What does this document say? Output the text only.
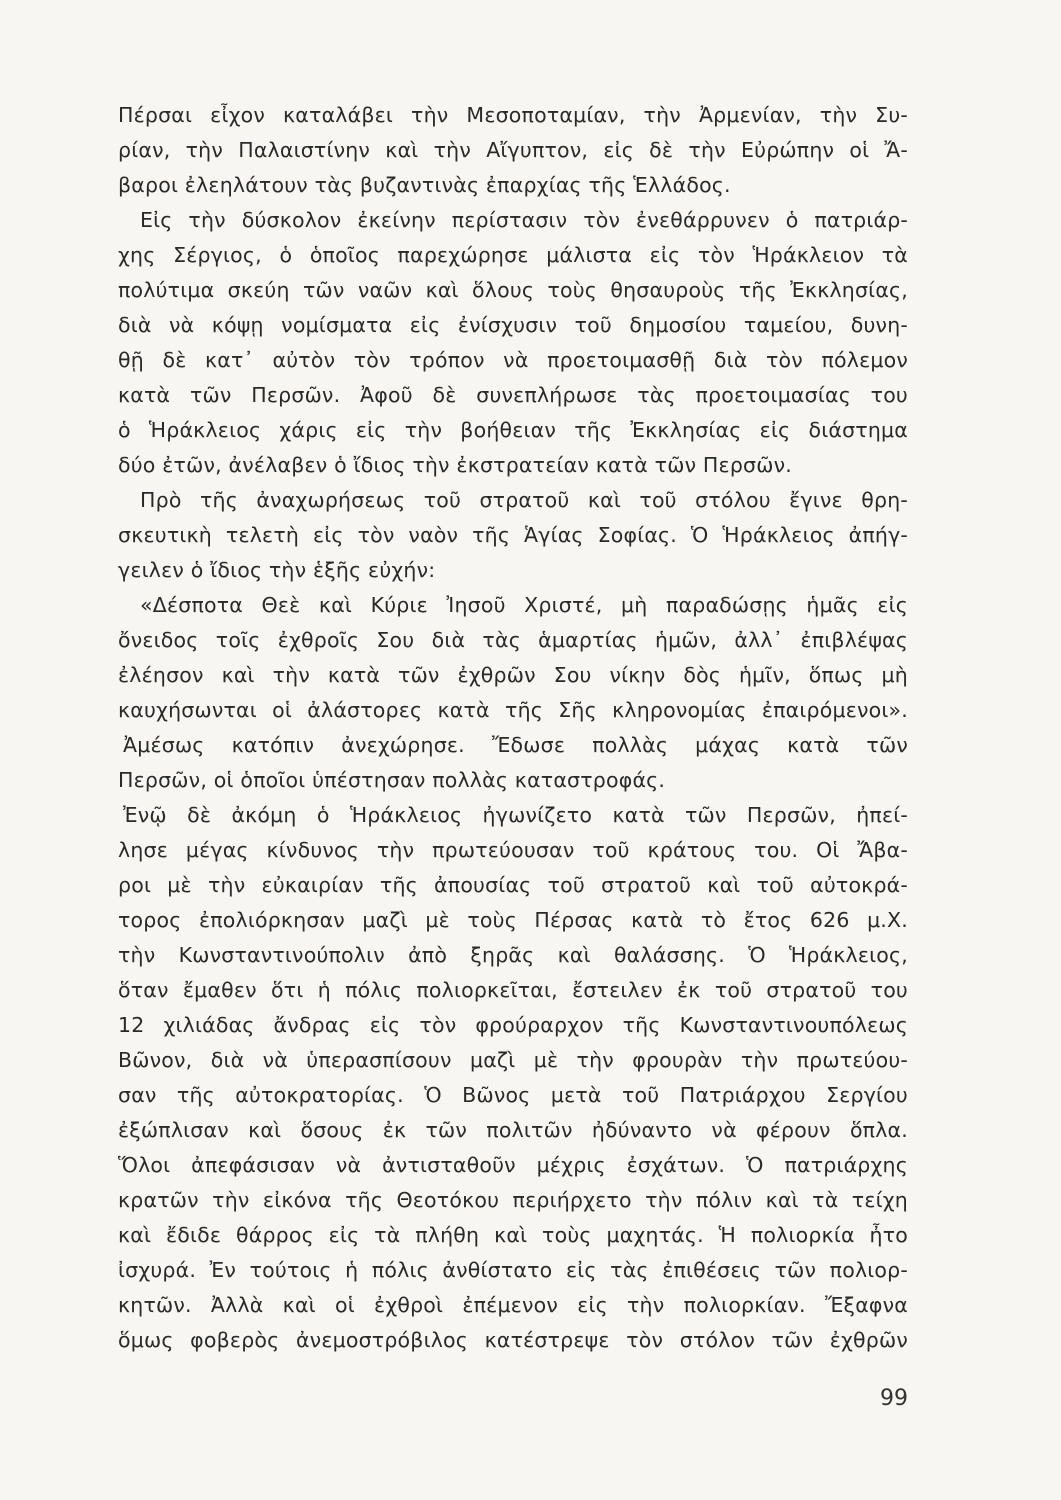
Πέρσαι εἶχον καταλάβει τὴν Μεσοποταμίαν, τὴν Ἀρμενίαν, τὴν Συ-
ρίαν, τὴν Παλαιστίνην καὶ τὴν Αἴγυπτον, εἰς δὲ τὴν Εὐρώπην οἱ Ἄ-
βαροι ἐλεηλάτουν τὰς βυζαντινὰς ἐπαρχίας τῆς Ἑλλάδος.
Εἰς τὴν δύσκολον ἐκείνην περίστασιν τὸν ἐνεθάρρυνεν ὁ πατριάρ-
χης Σέργιος, ὁ ὁποῖος παρεχώρησε μάλιστα εἰς τὸν Ἡράκλειον τὰ
πολύτιμα σκεύη τῶν ναῶν καὶ ὅλους τοὺς θησαυροὺς τῆς Ἐκκλησίας,
διὰ νὰ κόψῃ νομίσματα εἰς ἐνίσχυσιν τοῦ δημοσίου ταμείου, δυνη-
θῇ δὲ κατ᾿ αὐτὸν τὸν τρόπον νὰ προετοιμασθῇ διὰ τὸν πόλεμον
κατὰ τῶν Περσῶν. Ἀφοῦ δὲ συνεπλήρωσε τὰς προετοιμασίας του
ὁ Ἡράκλειος χάρις εἰς τὴν βοήθειαν τῆς Ἐκκλησίας εἰς διάστημα
δύο ἐτῶν, ἀνέλαβεν ὁ ἴδιος τὴν ἐκστρατείαν κατὰ τῶν Περσῶν.
Πρὸ τῆς ἀναχωρήσεως τοῦ στρατοῦ καὶ τοῦ στόλου ἔγινε θρη-
σκευτικὴ τελετὴ εἰς τὸν ναὸν τῆς Ἁγίας Σοφίας. Ὁ Ἡράκλειος ἀπήγ-
γειλεν ὁ ἴδιος τὴν ἑξῆς εὐχήν:
«Δέσποτα Θεὲ καὶ Κύριε Ἰησοῦ Χριστέ, μὴ παραδώσῃς ἡμᾶς εἰς
ὄνειδος τοῖς ἐχθροῖς Σου διὰ τὰς ἁμαρτίας ἡμῶν, ἀλλ᾿ ἐπιβλέψας
ἐλέησον καὶ τὴν κατὰ τῶν ἐχθρῶν Σου νίκην δὸς ἡμῖν, ὅπως μὴ
καυχήσωνται οἱ ἀλάστορες κατὰ τῆς Σῆς κληρονομίας ἐπαιρόμενοι».
Ἀμέσως κατόπιν ἀνεχώρησε. Ἔδωσε πολλὰς μάχας κατὰ τῶν
Περσῶν, οἱ ὁποῖοι ὑπέστησαν πολλὰς καταστροφάς.
Ἐνῷ δὲ ἀκόμη ὁ Ἡράκλειος ἠγωνίζετο κατὰ τῶν Περσῶν, ἠπεί-
λησε μέγας κίνδυνος τὴν πρωτεύουσαν τοῦ κράτους του. Οἱ Ἄβα-
ροι μὲ τὴν εὐκαιρίαν τῆς ἀπουσίας τοῦ στρατοῦ καὶ τοῦ αὐτοκρά-
τορος ἐπολιόρκησαν μαζὶ μὲ τοὺς Πέρσας κατὰ τὸ ἔτος 626 μ.Χ.
τὴν Κωνσταντινούπολιν ἀπὸ ξηρᾶς καὶ θαλάσσης. Ὁ Ἡράκλειος,
ὅταν ἔμαθεν ὅτι ἡ πόλις πολιορκεῖται, ἔστειλεν ἐκ τοῦ στρατοῦ του
12 χιλιάδας ἄνδρας εἰς τὸν φρούραρχον τῆς Κωνσταντινουπόλεως
Βῶνον, διὰ νὰ ὑπερασπίσουν μαζὶ μὲ τὴν φρουρὰν τὴν πρωτεύου-
σαν τῆς αὐτοκρατορίας. Ὁ Βῶνος μετὰ τοῦ Πατριάρχου Σεργίου
ἐξώπλισαν καὶ ὅσους ἐκ τῶν πολιτῶν ἠδύναντο νὰ φέρουν ὅπλα.
Ὅλοι ἀπεφάσισαν νὰ ἀντισταθοῦν μέχρις ἐσχάτων. Ὁ πατριάρχης
κρατῶν τὴν εἰκόνα τῆς Θεοτόκου περιήρχετο τὴν πόλιν καὶ τὰ τείχη
καὶ ἔδιδε θάρρος εἰς τὰ πλήθη καὶ τοὺς μαχητάς. Ἡ πολιορκία ἦτο
ἰσχυρά. Ἐν τούτοις ἡ πόλις ἀνθίστατο εἰς τὰς ἐπιθέσεις τῶν πολιορ-
κητῶν. Ἀλλὰ καὶ οἱ ἐχθροὶ ἐπέμενον εἰς τὴν πολιορκίαν. Ἔξαφνα
ὅμως φοβερὸς ἀνεμοστρόβιλος κατέστρεψε τὸν στόλον τῶν ἐχθρῶν
99
